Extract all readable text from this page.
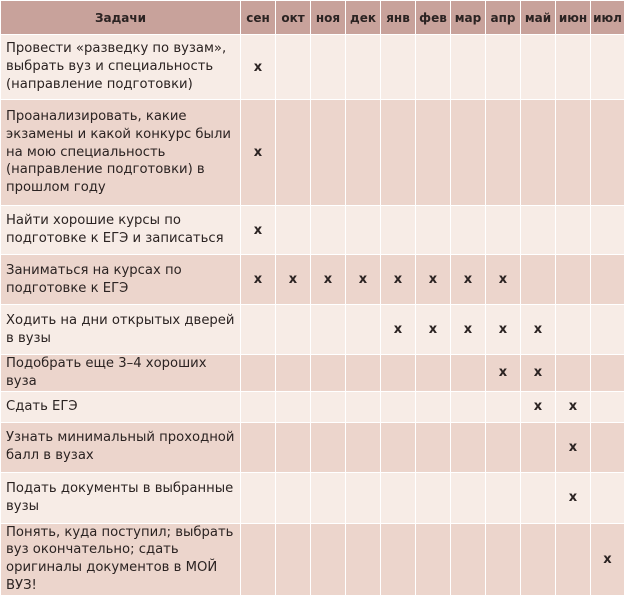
Задачи	сен	окт	ноя	дек	янв	фев	мар	апр	май	июн	июл
Провести «разведку по вузам», выбрать вуз и специальность (направление подготовки)	х										
Проанализировать, какие экзамены и какой конкурс были на мою специальность (направление подготовки) в прошлом году	х										
Найти хорошие курсы по подготовке к ЕГЭ и записаться	х										
Заниматься на курсах по подготовке к ЕГЭ	х	х	х	х	х	х	х	х			
Ходить на дни открытых дверей в вузы					х	х	х	х	х		
Подобрать еще 3–4 хороших вуза								х	х		
Сдать ЕГЭ									х	х	
Узнать минимальный проходной балл в вузах										х	
Подать документы в выбранные вузы										х	
Понять, куда поступил; выбрать вуз окончательно; сдать оригиналы документов в МОЙ ВУЗ!											х
